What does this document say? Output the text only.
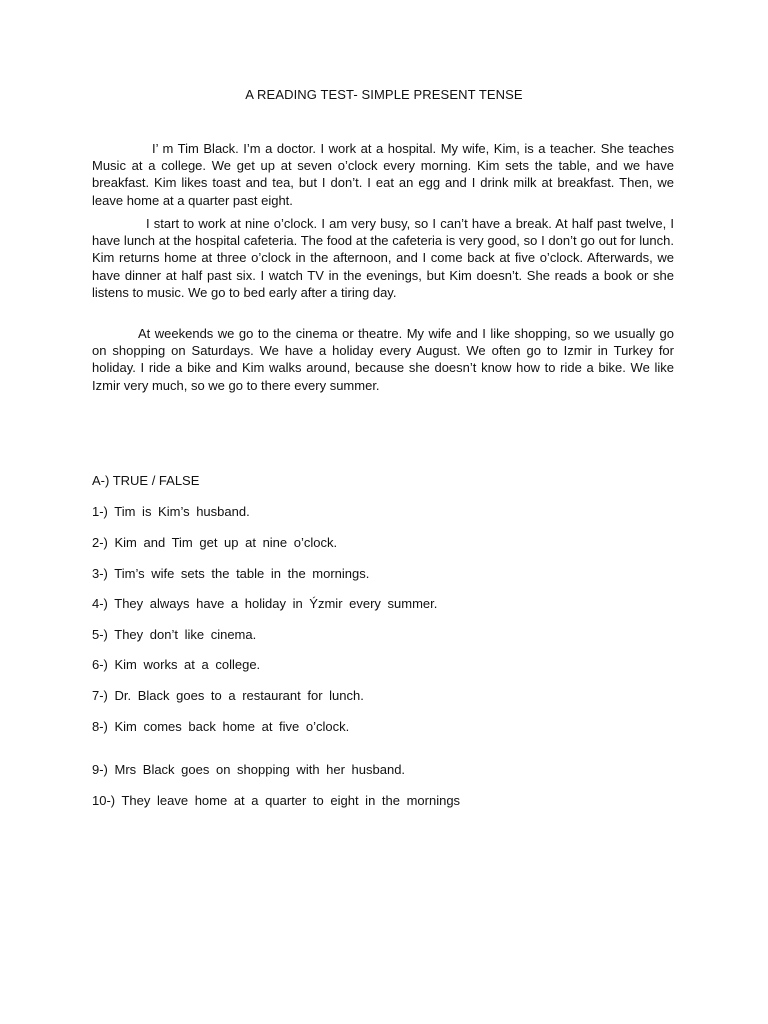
A READING TEST- SIMPLE PRESENT TENSE

I’ m Tim Black. I’m a doctor. I work at a hospital. My wife, Kim, is a teacher. She teaches Music at a college. We get up at seven o’clock every morning. Kim sets the table, and we have breakfast. Kim likes toast and tea, but I don’t. I eat an egg and I drink milk at breakfast. Then, we leave home at a quarter past eight.

I start to work at nine o’clock. I am very busy, so I can’t have a break. At half past twelve, I have lunch at the hospital cafeteria. The food at the cafeteria is very good, so I don’t go out for lunch. Kim returns home at three o’clock in the afternoon, and I come back at five o’clock. Afterwards, we have dinner at half past six. I watch TV in the evenings, but Kim doesn’t. She reads a book or she listens to music. We go to bed early after a tiring day.

At weekends we go to the cinema or theatre. My wife and I like shopping, so we usually go on shopping on Saturdays. We have a holiday every August. We often go to Izmir in Turkey for holiday. I ride a bike and Kim walks around, because she doesn’t know how to ride a bike. We like Izmir very much, so we go to there every summer.

A-) TRUE / FALSE
1-) Tim is Kim’s husband.
2-) Kim and Tim get up at nine o’clock.
3-) Tim’s wife sets the table in the mornings.
4-) They always have a holiday in Ýzmir every summer.
5-) They don’t like cinema.
6-) Kim works at a college.
7-) Dr. Black goes to a restaurant for lunch.
8-) Kim comes back home at five o’clock.
9-) Mrs Black goes on shopping with her husband.
10-) They leave home at a quarter to eight in the mornings
